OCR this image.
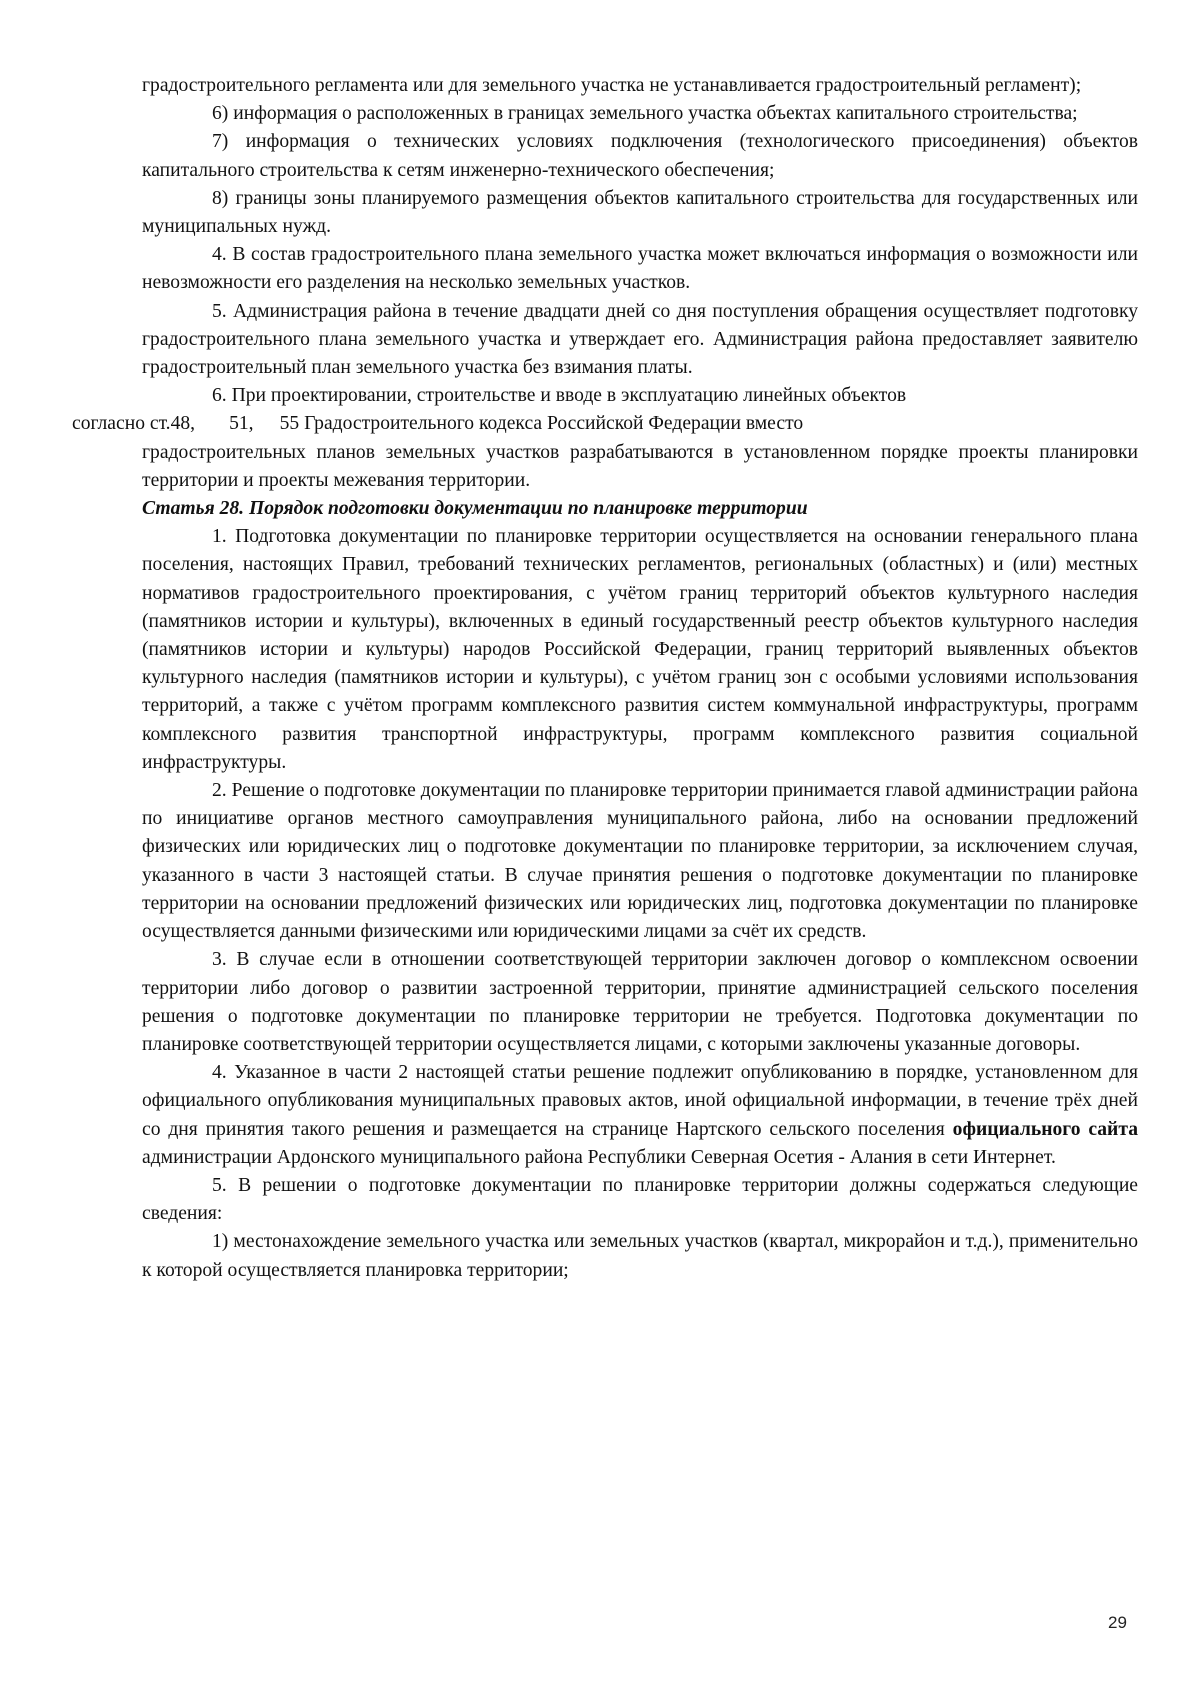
градостроительного регламента или для земельного участка не устанавливается градостроительный регламент);

6) информация о расположенных в границах земельного участка объектах капитального строительства;

7) информация о технических условиях подключения (технологического присоединения) объектов капитального строительства к сетям инженерно-технического обеспечения;

8) границы зоны планируемого размещения объектов капитального строительства для государственных или муниципальных нужд.

4. В состав градостроительного плана земельного участка может включаться информация о возможности или невозможности его разделения на несколько земельных участков.

5. Администрация района в течение двадцати дней со дня поступления обращения осуществляет подготовку градостроительного плана земельного участка и утверждает его. Администрация района предоставляет заявителю градостроительный план земельного участка без взимания платы.

6. При проектировании, строительстве и вводе в эксплуатацию линейных объектов
согласно ст.48, 51, 55 Градостроительного кодекса Российской Федерации вместо

градостроительных планов земельных участков разрабатываются в установленном порядке проекты планировки территории и проекты межевания территории.

Статья 28. Порядок подготовки документации по планировке территории

1. Подготовка документации по планировке территории осуществляется на основании генерального плана поселения, настоящих Правил, требований технических регламентов, региональных (областных) и (или) местных нормативов градостроительного проектирования, с учётом границ территорий объектов культурного наследия (памятников истории и культуры), включенных в единый государственный реестр объектов культурного наследия (памятников истории и культуры) народов Российской Федерации, границ территорий выявленных объектов культурного наследия (памятников истории и культуры), с учётом границ зон с особыми условиями использования территорий, а также с учётом программ комплексного развития систем коммунальной инфраструктуры, программ комплексного развития транспортной инфраструктуры, программ комплексного развития социальной инфраструктуры.

2. Решение о подготовке документации по планировке территории принимается главой администрации района по инициативе органов местного самоуправления муниципального района, либо на основании предложений физических или юридических лиц о подготовке документации по планировке территории, за исключением случая, указанного в части 3 настоящей статьи. В случае принятия решения о подготовке документации по планировке территории на основании предложений физических или юридических лиц, подготовка документации по планировке осуществляется данными физическими или юридическими лицами за счёт их средств.

3. В случае если в отношении соответствующей территории заключен договор о комплексном освоении территории либо договор о развитии застроенной территории, принятие администрацией сельского поселения решения о подготовке документации по планировке территории не требуется. Подготовка документации по планировке соответствующей территории осуществляется лицами, с которыми заключены указанные договоры.

4. Указанное в части 2 настоящей статьи решение подлежит опубликованию в порядке, установленном для официального опубликования муниципальных правовых актов, иной официальной информации, в течение трёх дней со дня принятия такого решения и размещается на странице Нартского сельского поселения официального сайта администрации Ардонского муниципального района Республики Северная Осетия - Алания в сети Интернет.

5. В решении о подготовке документации по планировке территории должны содержаться следующие сведения:

1) местонахождение земельного участка или земельных участков (квартал, микрорайон и т.д.), применительно к которой осуществляется планировка территории;

29
